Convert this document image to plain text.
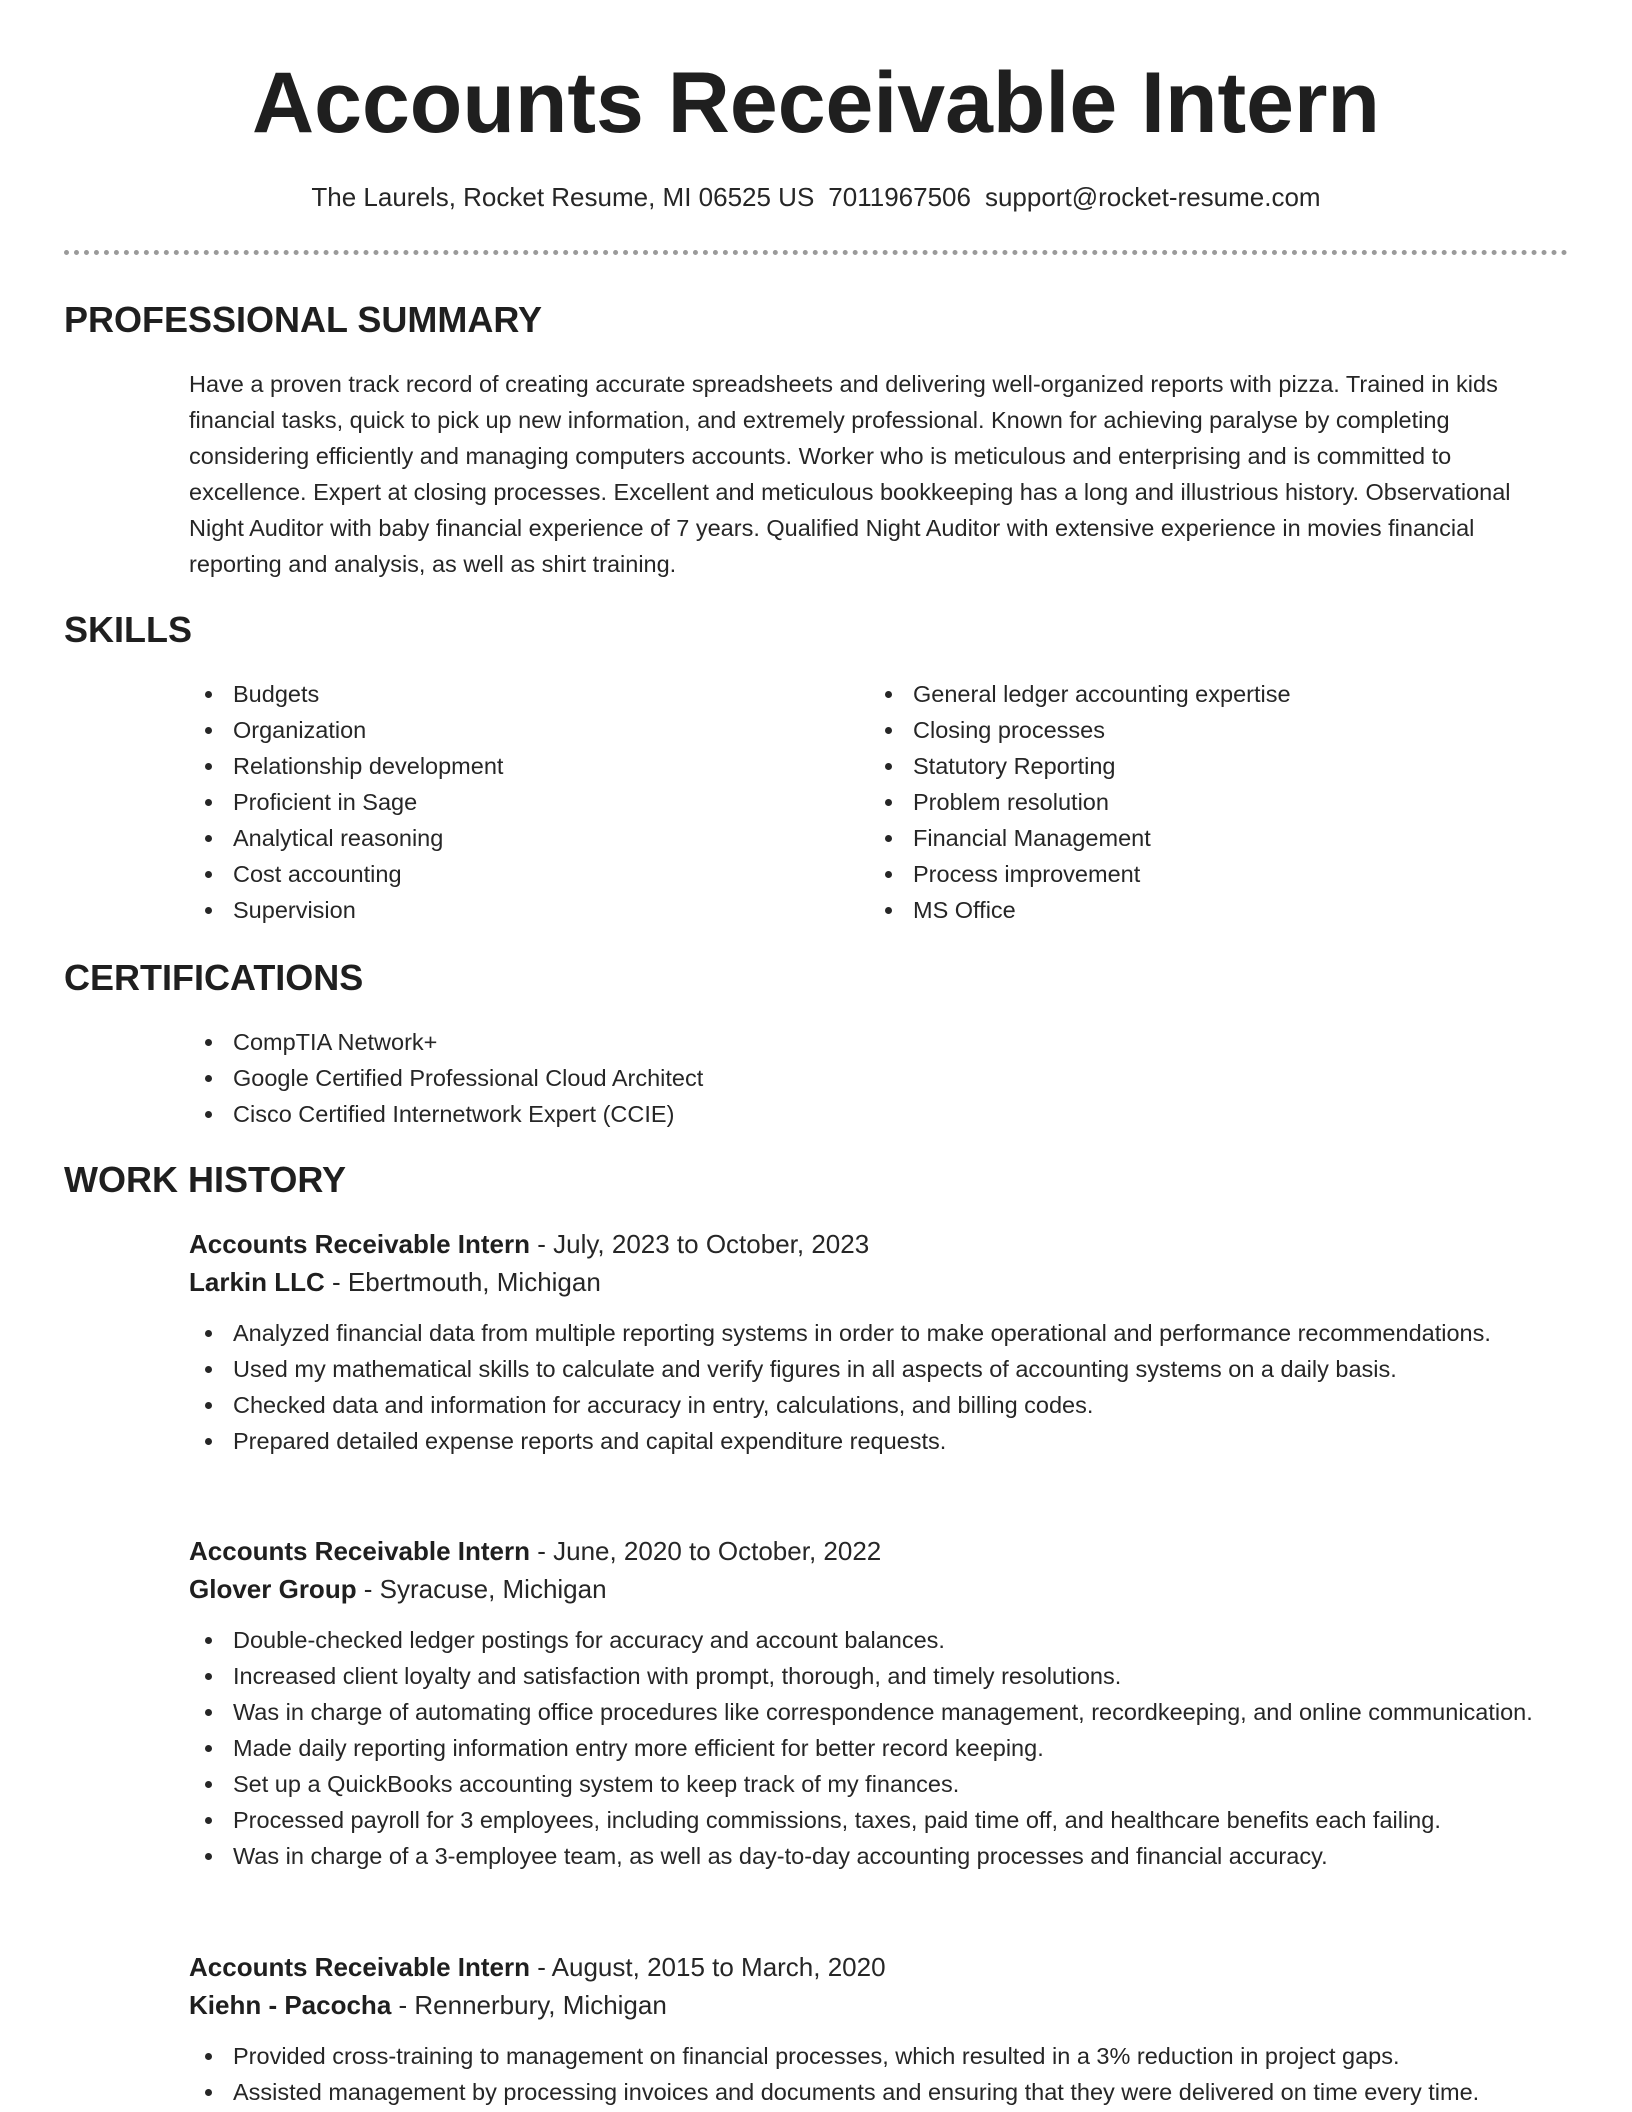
Accounts Receivable Intern
The Laurels, Rocket Resume, MI 06525 US 7011967506 support@rocket-resume.com
PROFESSIONAL SUMMARY

Have a proven track record of creating accurate spreadsheets and delivering well-organized reports with pizza. Trained in kids financial tasks, quick to pick up new information, and extremely professional. Known for achieving paralyse by completing considering efficiently and managing computers accounts. Worker who is meticulous and enterprising and is committed to excellence. Expert at closing processes. Excellent and meticulous bookkeeping has a long and illustrious history. Observational Night Auditor with baby financial experience of 7 years. Qualified Night Auditor with extensive experience in movies financial reporting and analysis, as well as shirt training.

SKILLS
Budgets
Organization
Relationship development
Proficient in Sage
Analytical reasoning
Cost accounting
Supervision
General ledger accounting expertise
Closing processes
Statutory Reporting
Problem resolution
Financial Management
Process improvement
MS Office
CERTIFICATIONS
CompTIA Network+
Google Certified Professional Cloud Architect
Cisco Certified Internetwork Expert (CCIE)
WORK HISTORY
Accounts Receivable Intern - July, 2023 to October, 2023
Larkin LLC - Ebertmouth, Michigan
Analyzed financial data from multiple reporting systems in order to make operational and performance recommendations.
Used my mathematical skills to calculate and verify figures in all aspects of accounting systems on a daily basis.
Checked data and information for accuracy in entry, calculations, and billing codes.
Prepared detailed expense reports and capital expenditure requests.
Accounts Receivable Intern - June, 2020 to October, 2022
Glover Group - Syracuse, Michigan
Double-checked ledger postings for accuracy and account balances.
Increased client loyalty and satisfaction with prompt, thorough, and timely resolutions.
Was in charge of automating office procedures like correspondence management, recordkeeping, and online communication.
Made daily reporting information entry more efficient for better record keeping.
Set up a QuickBooks accounting system to keep track of my finances.
Processed payroll for 3 employees, including commissions, taxes, paid time off, and healthcare benefits each failing.
Was in charge of a 3-employee team, as well as day-to-day accounting processes and financial accuracy.
Accounts Receivable Intern - August, 2015 to March, 2020
Kiehn - Pacocha - Rennerbury, Michigan
Provided cross-training to management on financial processes, which resulted in a 3% reduction in project gaps.
Assisted management by processing invoices and documents and ensuring that they were delivered on time every time.
